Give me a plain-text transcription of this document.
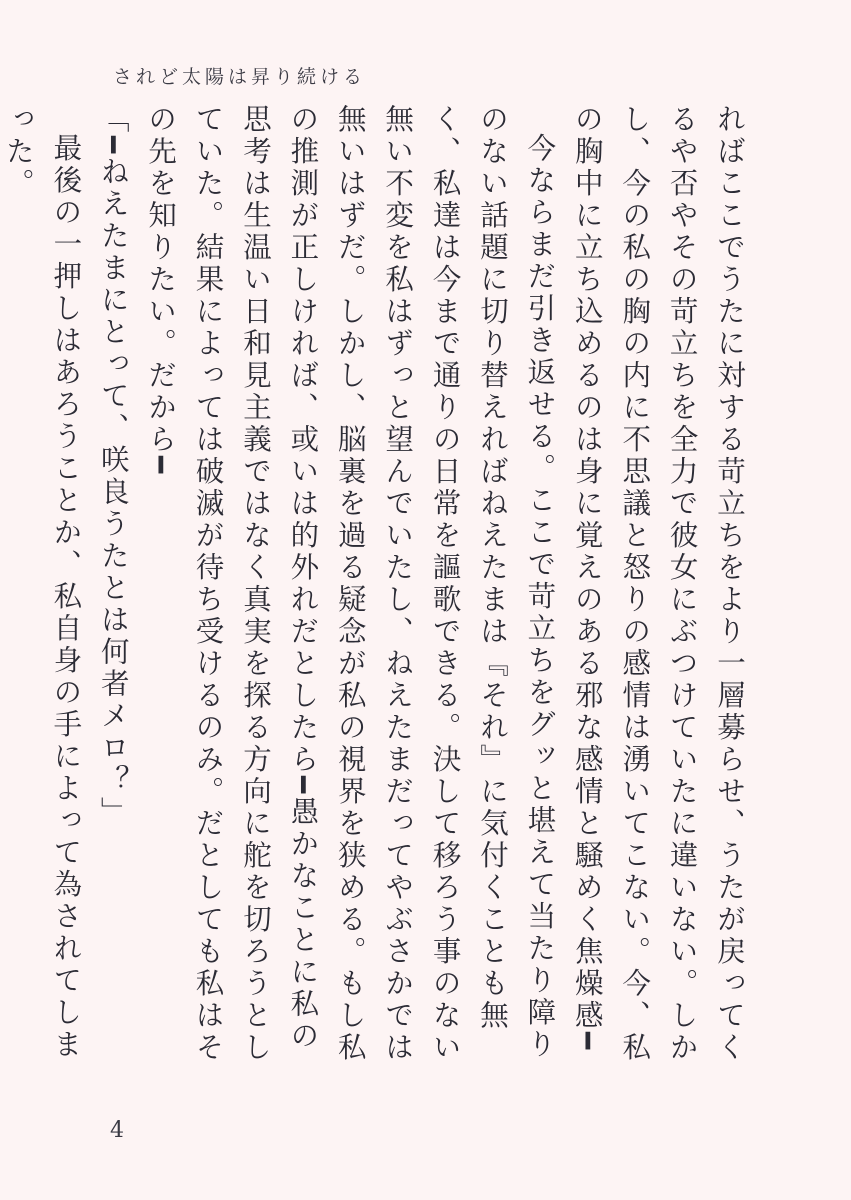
されど太陽は昇り続ける

ればここでうたに対する苛立ちをより一層募らせ、うたが戻ってくるや否やその苛立ちを全力で彼女にぶつけていたに違いない。しかし、今の私の胸の内に不思議と怒りの感情は湧いてこない。今、私の胸中に立ち込めるのは身に覚えのある邪な感情と騒めく焦燥感━

今ならまだ引き返せる。ここで苛立ちをグッと堪えて当たり障りのない話題に切り替えればねえたまは『それ』に気付くことも無く、私達は今まで通りの日常を謳歌できる。決して移ろう事のない無い不変を私はずっと望んでいたし、ねえたまだってやぶさかでは無いはずだ。しかし、脳裏を過る疑念が私の視界を狭める。もし私の推測が正しければ、或いは的外れだとしたら━愚かなことに私の思考は生温い日和見主義ではなく真実を探る方向に舵を切ろうとしていた。結果によっては破滅が待ち受けるのみ。だとしても私はその先を知りたい。だから━

「━ねえたまにとって、咲良うたとは何者メロ？」

最後の一押しはあろうことか、私自身の手によって為されてしまった。

4
